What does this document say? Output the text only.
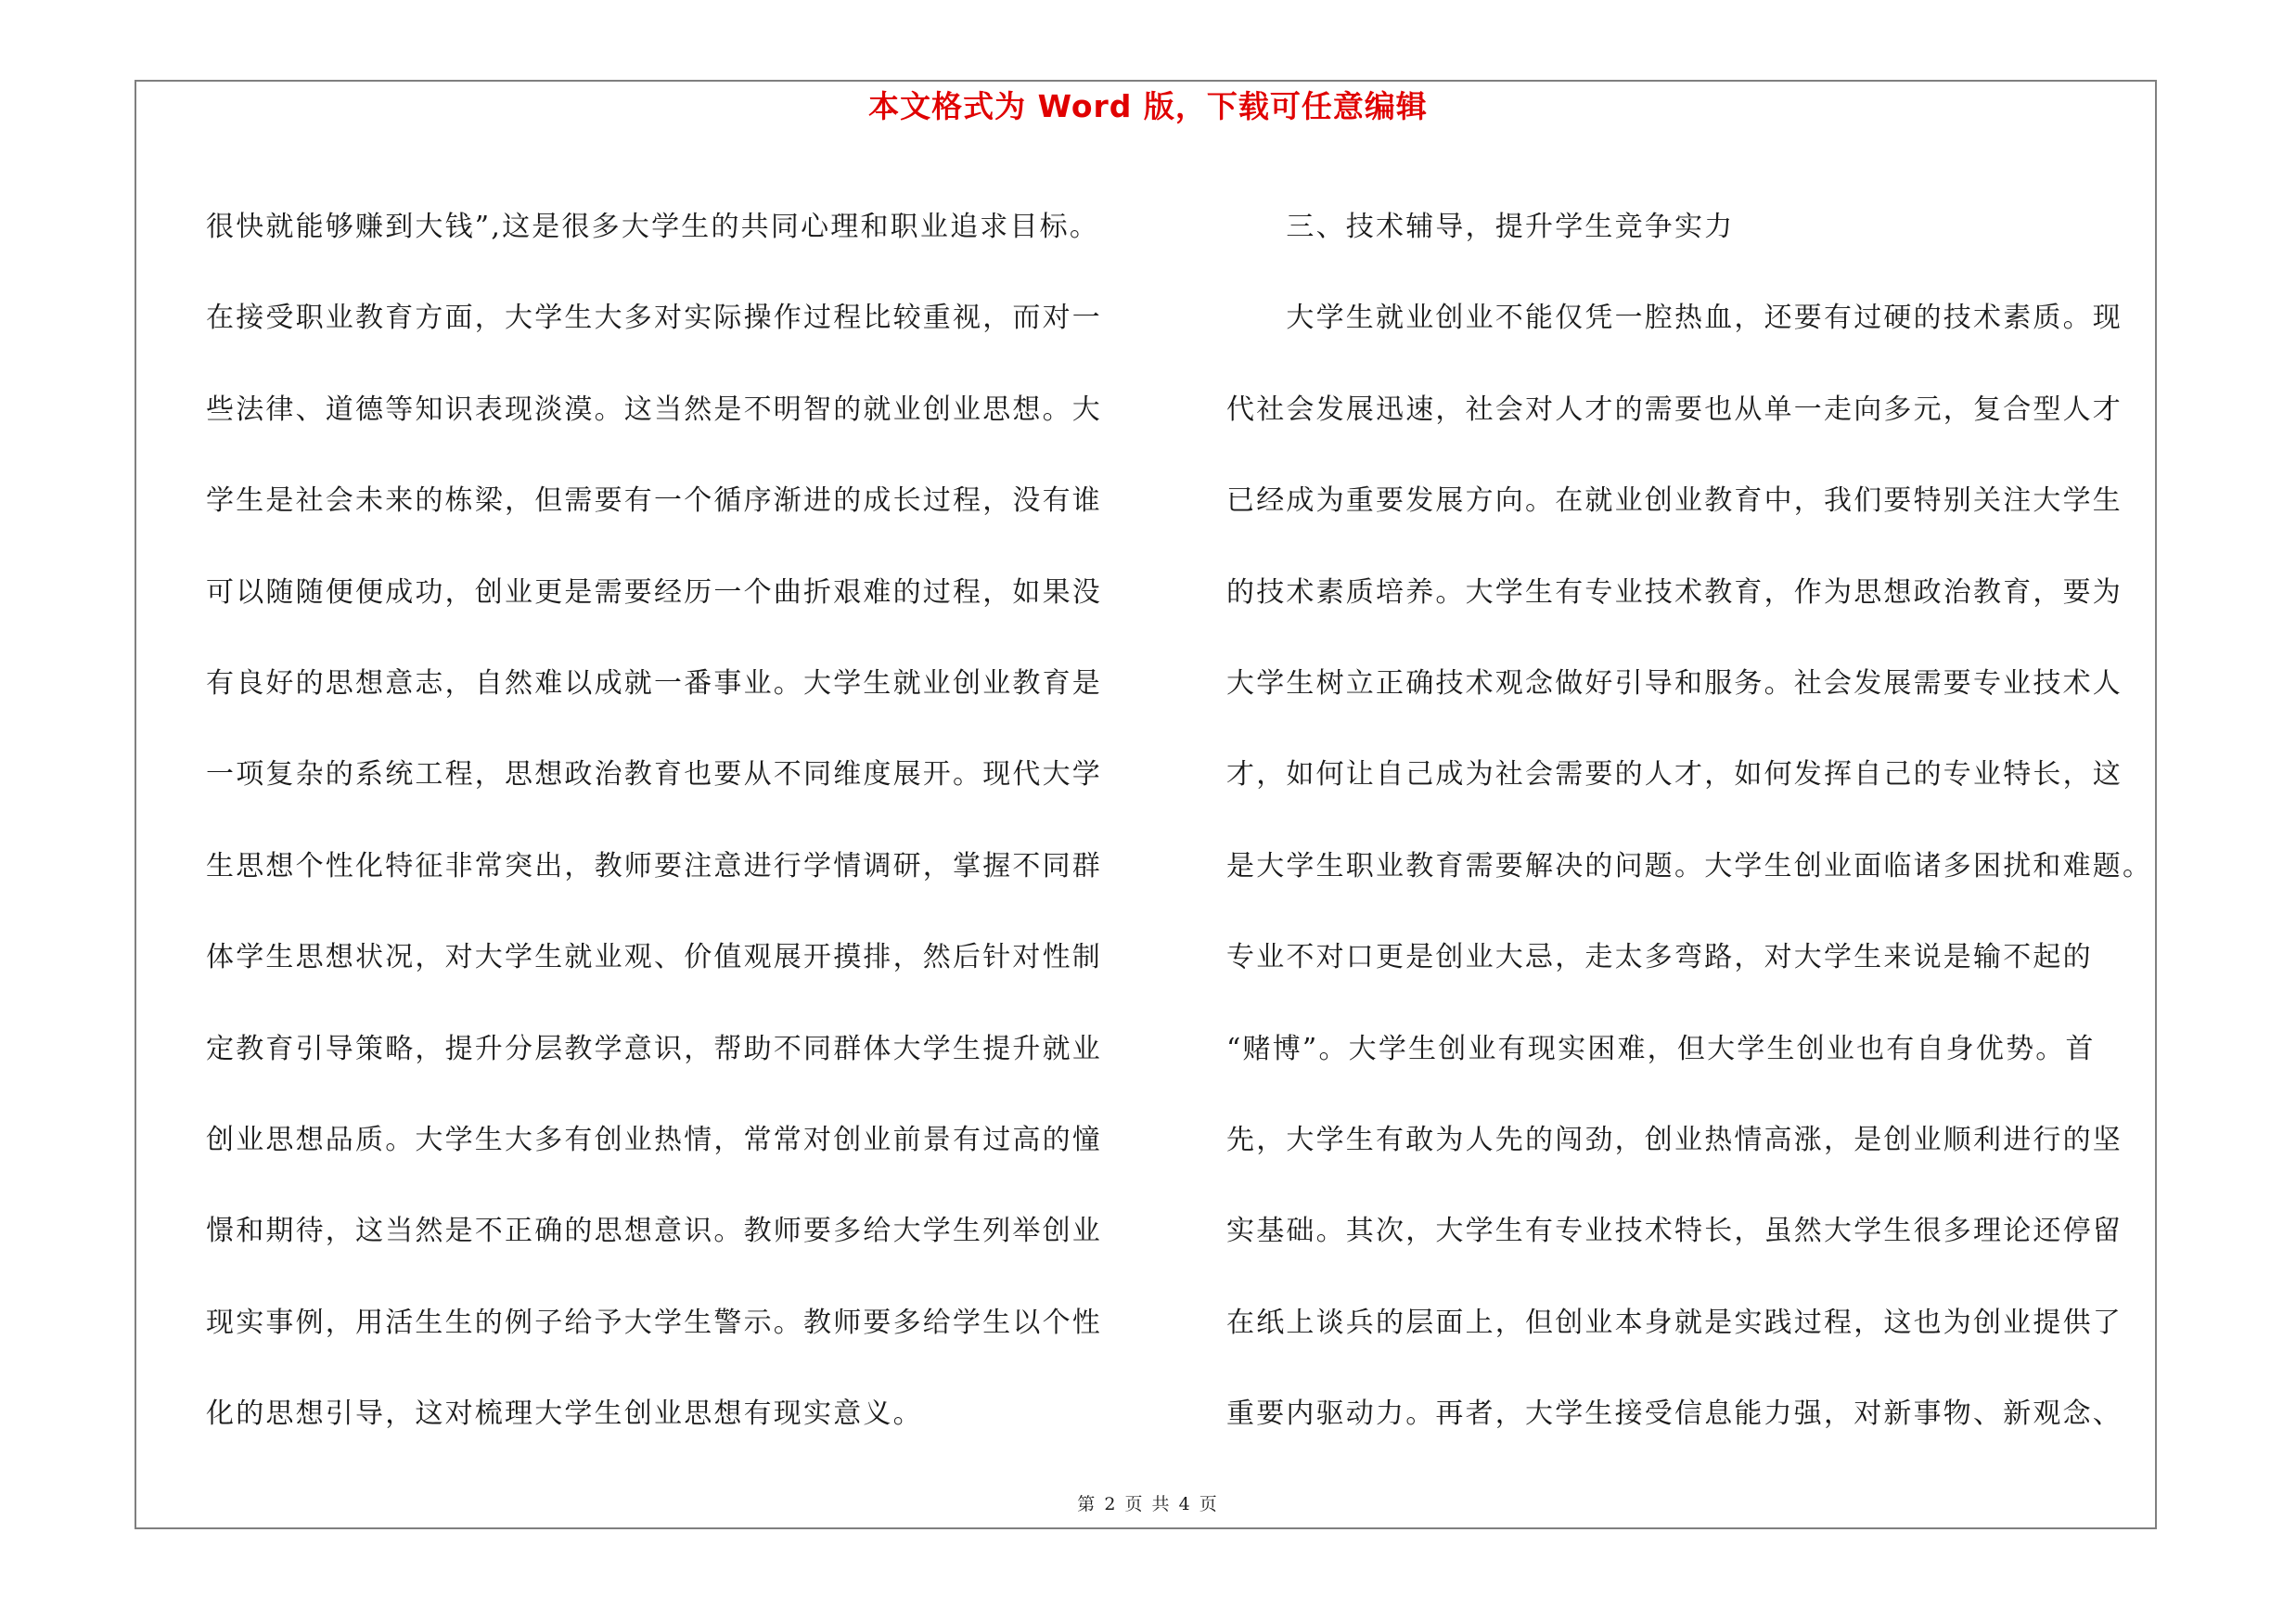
本文格式为 Word 版，下载可任意编辑
很快就能够赚到大钱”,这是很多大学生的共同心理和职业追求目标。
在接受职业教育方面，大学生大多对实际操作过程比较重视，而对一
些法律、道德等知识表现淡漠。这当然是不明智的就业创业思想。大
学生是社会未来的栋梁，但需要有一个循序渐进的成长过程，没有谁
可以随随便便成功，创业更是需要经历一个曲折艰难的过程，如果没
有良好的思想意志，自然难以成就一番事业。大学生就业创业教育是
一项复杂的系统工程，思想政治教育也要从不同维度展开。现代大学
生思想个性化特征非常突出，教师要注意进行学情调研，掌握不同群
体学生思想状况，对大学生就业观、价值观展开摸排，然后针对性制
定教育引导策略，提升分层教学意识，帮助不同群体大学生提升就业
创业思想品质。大学生大多有创业热情，常常对创业前景有过高的憧
憬和期待，这当然是不正确的思想意识。教师要多给大学生列举创业
现实事例，用活生生的例子给予大学生警示。教师要多给学生以个性
化的思想引导，这对梳理大学生创业思想有现实意义。
　　三、技术辅导，提升学生竞争实力
　　大学生就业创业不能仅凭一腔热血，还要有过硬的技术素质。现
代社会发展迅速，社会对人才的需要也从单一走向多元，复合型人才
已经成为重要发展方向。在就业创业教育中，我们要特别关注大学生
的技术素质培养。大学生有专业技术教育，作为思想政治教育，要为
大学生树立正确技术观念做好引导和服务。社会发展需要专业技术人
才，如何让自己成为社会需要的人才，如何发挥自己的专业特长，这
是大学生职业教育需要解决的问题。大学生创业面临诸多困扰和难题。
专业不对口更是创业大忌，走太多弯路，对大学生来说是输不起的
“赌博”。大学生创业有现实困难，但大学生创业也有自身优势。首
先，大学生有敢为人先的闯劲，创业热情高涨，是创业顺利进行的坚
实基础。其次，大学生有专业技术特长，虽然大学生很多理论还停留
在纸上谈兵的层面上，但创业本身就是实践过程，这也为创业提供了
重要内驱动力。再者，大学生接受信息能力强，对新事物、新观念、
第 2 页 共 4 页
